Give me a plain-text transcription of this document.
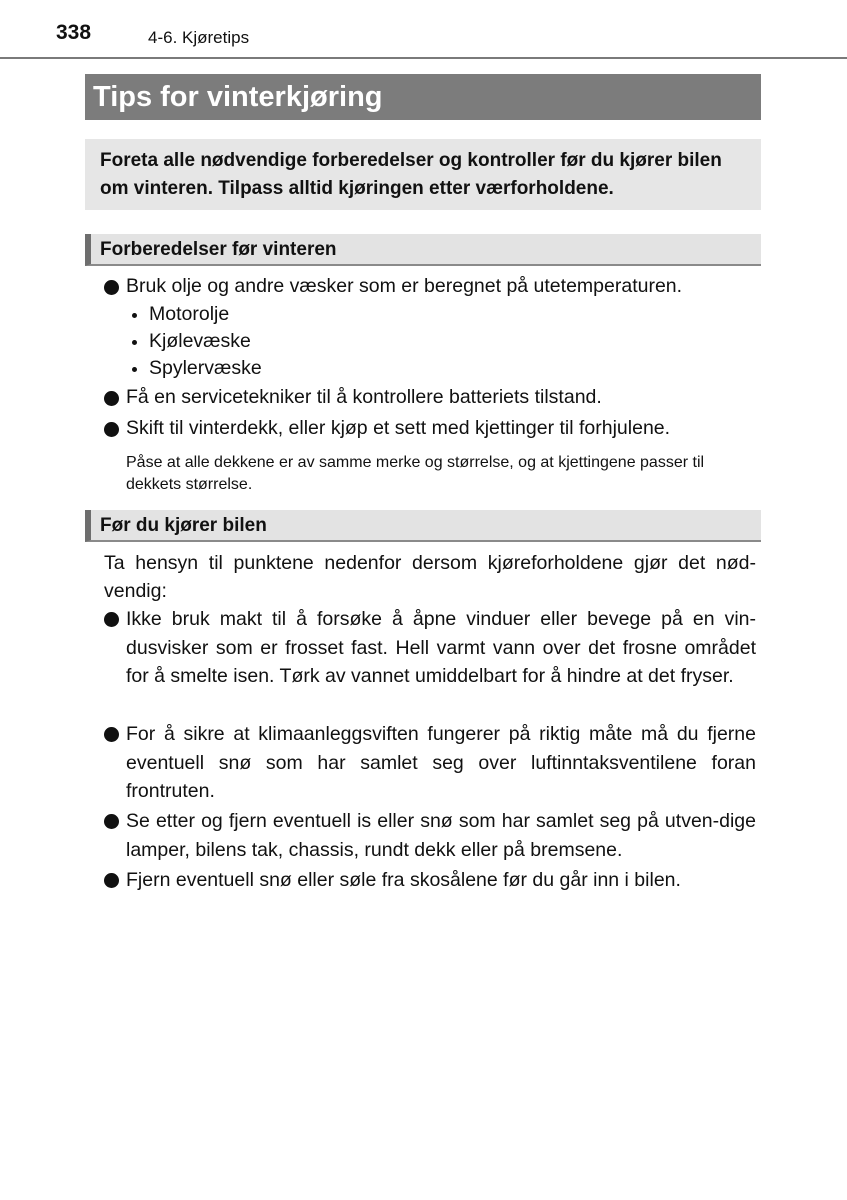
338	4-6. Kjøretips
Tips for vinterkjøring
Foreta alle nødvendige forberedelser og kontroller før du kjører bilen om vinteren. Tilpass alltid kjøringen etter værforholdene.
Forberedelser før vinteren
Bruk olje og andre væsker som er beregnet på utetemperaturen.
Motorolje
Kjølevæske
Spylervæske
Få en servicetekniker til å kontrollere batteriets tilstand.
Skift til vinterdekk, eller kjøp et sett med kjettinger til forhjulene.
Påse at alle dekkene er av samme merke og størrelse, og at kjettingene passer til dekkets størrelse.
Før du kjører bilen
Ta hensyn til punktene nedenfor dersom kjøreforholdene gjør det nød-vendig:
Ikke bruk makt til å forsøke å åpne vinduer eller bevege på en vin-dusvisker som er frosset fast. Hell varmt vann over det frosne området for å smelte isen. Tørk av vannet umiddelbart for å hindre at det fryser.
For å sikre at klimaanleggsviften fungerer på riktig måte må du fjerne eventuell snø som har samlet seg over luftinntaksventilene foran frontruten.
Se etter og fjern eventuell is eller snø som har samlet seg på utven-dige lamper, bilens tak, chassis, rundt dekk eller på bremsene.
Fjern eventuell snø eller søle fra skosålene før du går inn i bilen.
